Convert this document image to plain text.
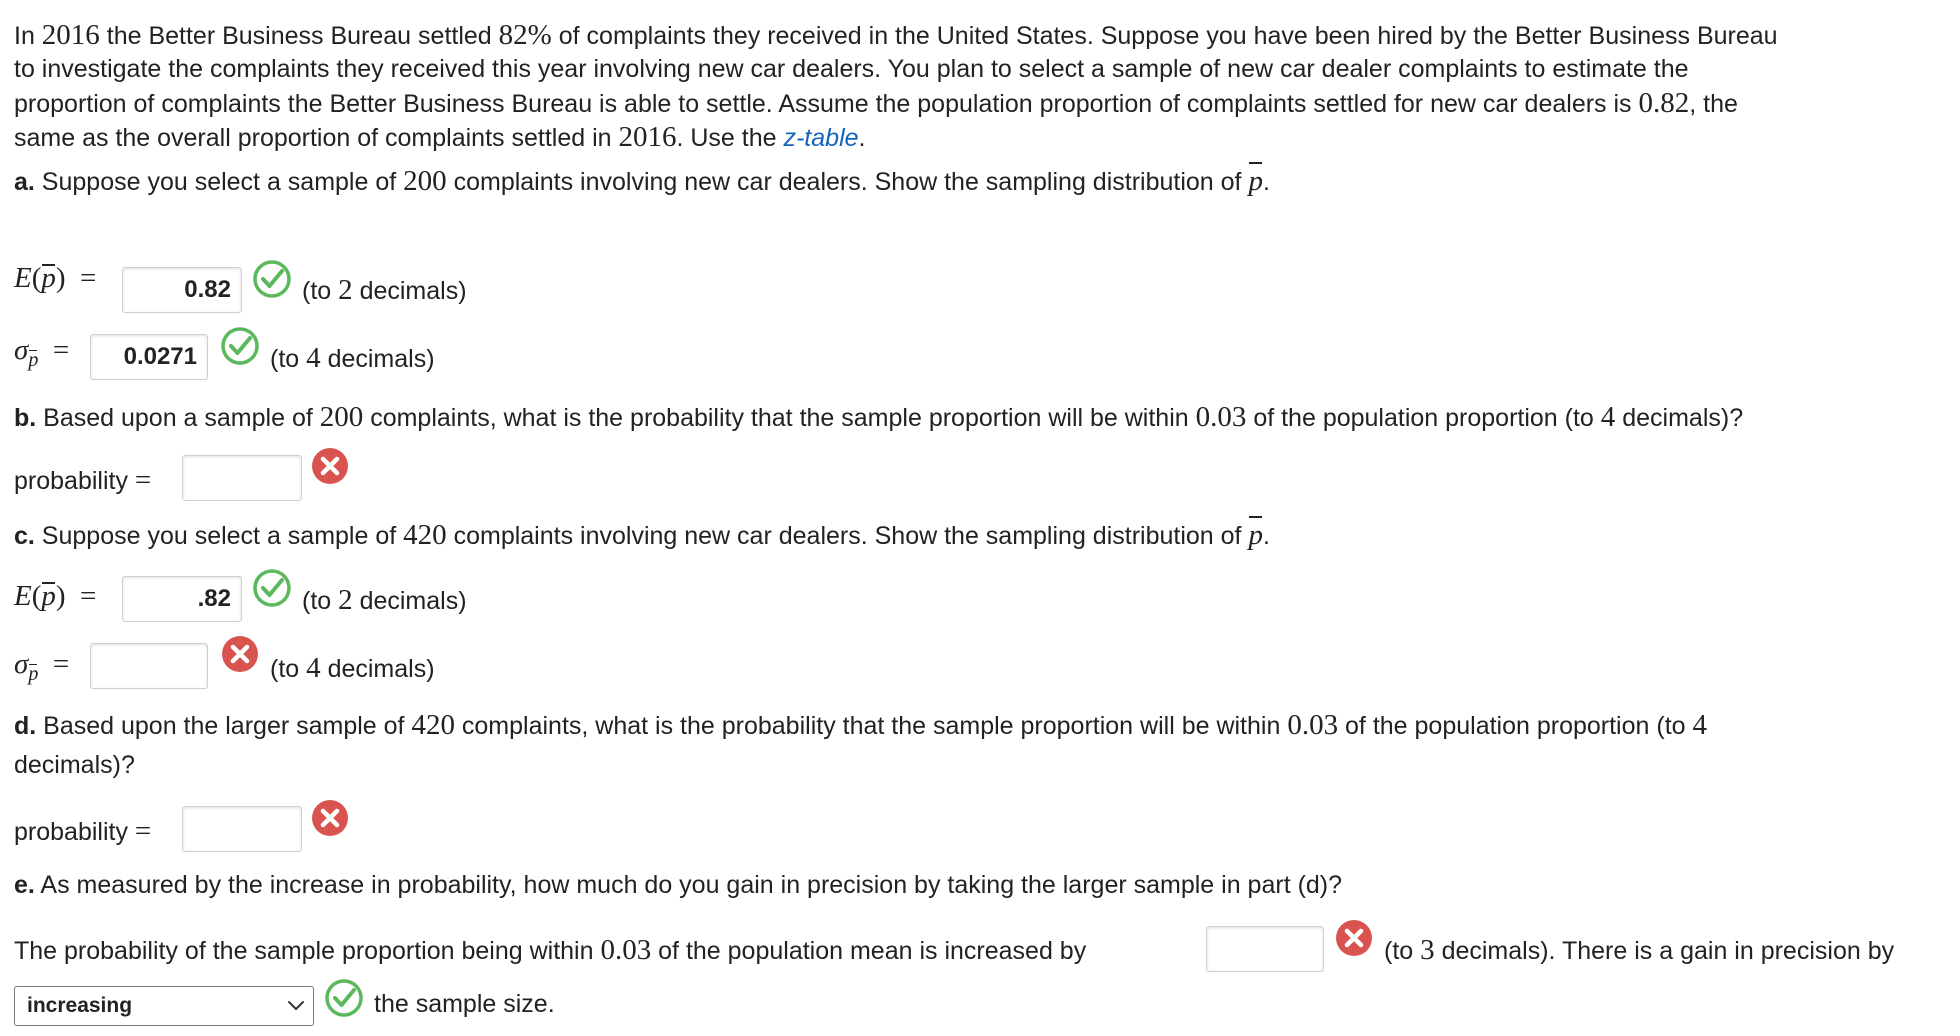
In 2016 the Better Business Bureau settled 82% of complaints they received in the United States. Suppose you have been hired by the Better Business Bureau
to investigate the complaints they received this year involving new car dealers. You plan to select a sample of new car dealer complaints to estimate the
proportion of complaints the Better Business Bureau is able to settle. Assume the population proportion of complaints settled for new car dealers is 0.82, the
same as the overall proportion of complaints settled in 2016. Use the z-table.
a. Suppose you select a sample of 200 complaints involving new car dealers. Show the sampling distribution of
p.
E(
p)  =	0.82	(to 2 decimals)
σ
$_p$  =	0.0271	(to 4 decimals)
b. Based upon a sample of 200 complaints, what is the probability that the sample proportion will be within 0.03 of the population proportion (to 4 decimals)?
probability =
c. Suppose you select a sample of 420 complaints involving new car dealers. Show the sampling distribution of
p.
E(
p)  =	.82	(to 2 decimals)
σ
$_p$  =	(to 4 decimals)
d. Based upon the larger sample of 420 complaints, what is the probability that the sample proportion will be within 0.03 of the population proportion (to 4
decimals)?
probability =
e. As measured by the increase in probability, how much do you gain in precision by taking the larger sample in part (d)?
The probability of the sample proportion being within 0.03 of the population mean is increased by	(to 3 decimals). There is a gain in precision by
increasing	the sample size.
